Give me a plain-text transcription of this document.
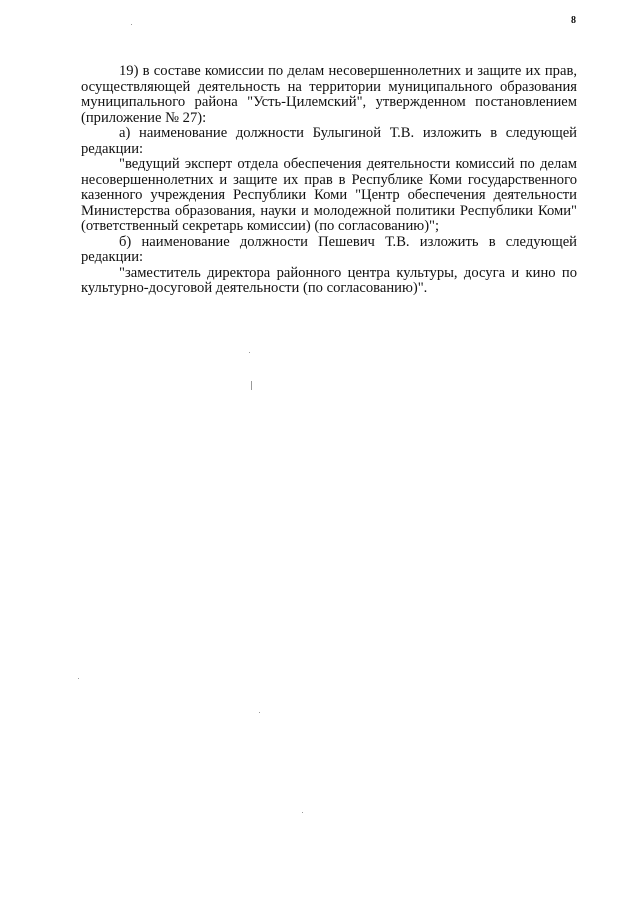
8

19) в составе комиссии по делам несовершеннолетних и защите их прав, осуществляющей деятельность на территории муниципального образования муниципального района "Усть-Цилемский", утвержденном постановлением (приложение № 27):

а) наименование должности Булыгиной Т.В. изложить в следующей редакции:

"ведущий эксперт отдела обеспечения деятельности комиссий по делам несовершеннолетних и защите их прав в Республике Коми государственного казенного учреждения Республики Коми "Центр обеспечения деятельности Министерства образования, науки и молодежной политики Республики Коми" (ответственный секретарь комиссии) (по согласованию)";

б) наименование должности Пешевич Т.В. изложить в следующей редакции:

"заместитель директора районного центра культуры, досуга и кино по культурно-досуговой деятельности (по согласованию)".
